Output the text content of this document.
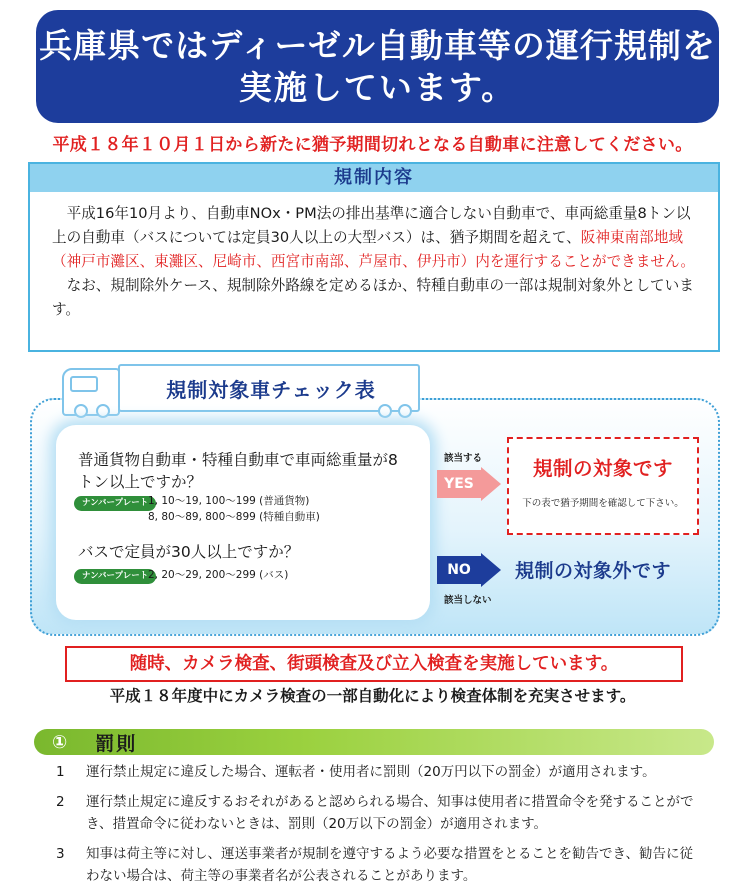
兵庫県ではディーゼル自動車等の運行規制を
実施しています。
平成１８年１０月１日から新たに猶予期間切れとなる自動車に注意してください。
規制内容

平成16年10月より、自動車NOx・PM法の排出基準に適合しない自動車で、車両総重量8トン以上の自動車（バスについては定員30人以上の大型バス）は、猶予期間を超えて、阪神東南部地域（神戸市灘区、東灘区、尼崎市、西宮市南部、芦屋市、伊丹市）内を運行することができません。

なお、規制除外ケース、規制除外路線を定めるほか、特種自動車の一部は規制対象外としています。

規制対象車チェック表
普通貨物自動車・特種自動車で車両総重量が8トン以上ですか？
ナンバープレート 1, 10～19, 100～199 (普通貨物)
8, 80～89, 800～899 (特種自動車)
バスで定員が30人以上ですか？
ナンバープレート 2, 20～29, 200～299 (バス)
該当する
YES
規制の対象です
下の表で猶予期間を確認して下さい。
NO
該当しない
規制の対象外です
随時、カメラ検査、街頭検査及び立入検査を実施しています。
平成１８年度中にカメラ検査の一部自動化により検査体制を充実させます。
① 罰則
1	運行禁止規定に違反した場合、運転者・使用者に罰則（20万円以下の罰金）が適用されます。
2	運行禁止規定に違反するおそれがあると認められる場合、知事は使用者に措置命令を発することができ、措置命令に従わないときは、罰則（20万以下の罰金）が適用されます。
3	知事は荷主等に対し、運送事業者が規制を遵守するよう必要な措置をとることを勧告でき、勧告に従わない場合は、荷主等の事業者名が公表されることがあります。
